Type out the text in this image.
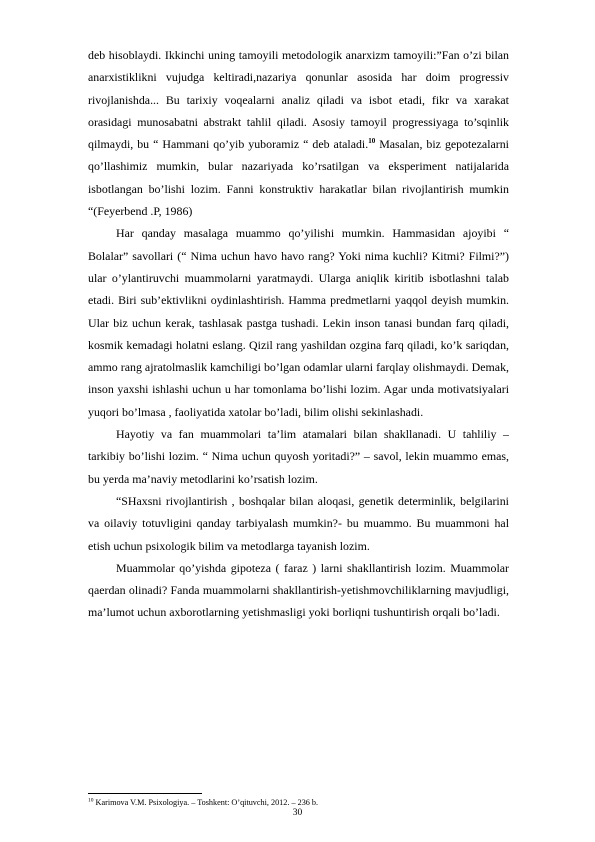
deb hisoblaydi. Ikkinchi uning tamoyili metodologik anarxizm tamoyili:”Fan o’zi bilan anarxistiklikni vujudga keltiradi,nazariya qonunlar asosida har doim progressiv rivojlanishda... Bu tarixiy voqealarni analiz qiladi va isbot etadi, fikr va xarakat orasidagi munosabatni abstrakt tahlil qiladi. Asosiy tamoyil progressiyaga to’sqinlik qilmaydi, bu “ Hammani qo’yib yuboramiz “ deb ataladi.$^{10}$ Masalan, biz gepotezalarni qo’llashimiz mumkin, bular nazariyada ko’rsatilgan va eksperiment natijalarida isbotlangan bo’lishi lozim. Fanni konstruktiv harakatlar bilan rivojlantirish mumkin “(Feyerbend .P, 1986)

Har qanday masalaga muammo qo’yilishi mumkin. Hammasidan ajoyibi “ Bolalar” savollari (“ Nima uchun havo havo rang? Yoki nima kuchli? Kitmi? Filmi?”) ular o’ylantiruvchi muammolarni yaratmaydi. Ularga aniqlik kiritib isbotlashni talab etadi. Biri sub’ektivlikni oydinlashtirish. Hamma predmetlarni yaqqol deyish mumkin. Ular biz uchun kerak, tashlasak pastga tushadi. Lekin inson tanasi bundan farq qiladi, kosmik kemadagi holatni eslang. Qizil rang yashildan ozgina farq qiladi, ko’k sariqdan, ammo rang ajratolmaslik kamchiligi bo’lgan odamlar ularni farqlay olishmaydi. Demak, inson yaxshi ishlashi uchun u har tomonlama bo’lishi lozim. Agar unda motivatsiyalari yuqori bo’lmasa , faoliyatida xatolar bo’ladi, bilim olishi sekinlashadi.

Hayotiy va fan muammolari ta’lim atamalari bilan shakllanadi. U tahliliy – tarkibiy bo’lishi lozim. “ Nima uchun quyosh yoritadi?” – savol, lekin muammo emas, bu yerda ma’naviy metodlarini ko’rsatish lozim.

“SHaxsni rivojlantirish , boshqalar bilan aloqasi, genetik determinlik, belgilarini va oilaviy totuvligini qanday tarbiyalash mumkin?- bu muammo. Bu muammoni hal etish uchun psixologik bilim va metodlarga tayanish lozim.

Muammolar qo’yishda gipoteza ( faraz ) larni shakllantirish lozim. Muammolar qaerdan olinadi? Fanda muammolarni shakllantirish-yetishmovchiliklarning mavjudligi, ma’lumot uchun axborotlarning yetishmasligi yoki borliqni tushuntirish orqali bo’ladi.

$^{10}$ Karimova V.M. Psixologiya. – Toshkent: O’qituvchi, 2012. – 236 b.
30
